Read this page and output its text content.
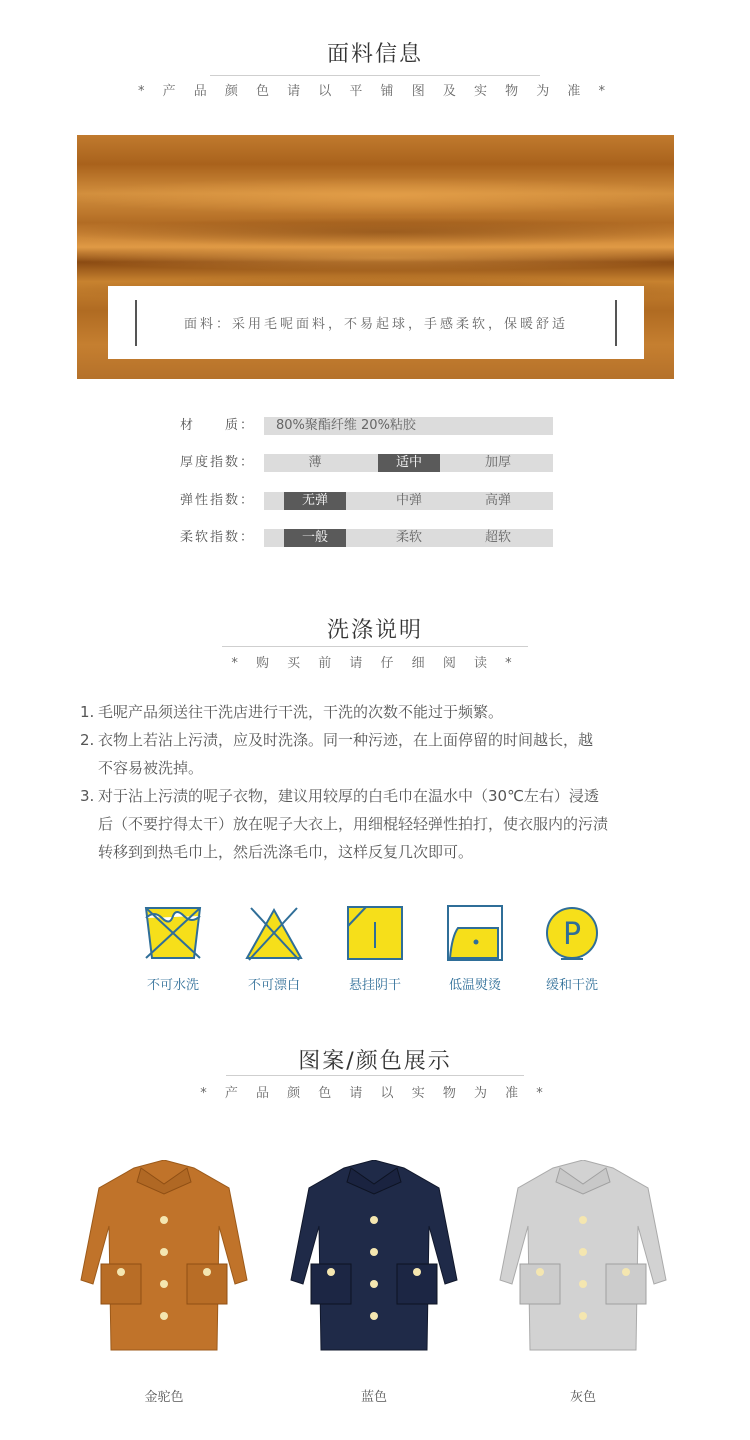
面料信息
* 产 品 颜 色 请 以 平 铺 图 及 实 物 为 准 *
面料：采用毛呢面料，不易起球，手感柔软，保暖舒适
材　　质： 80%聚酯纤维 20%粘胶
厚度指数：	薄	适中	加厚
弹性指数：	无弹	中弹	高弹
柔软指数：	一般	柔软	超软
洗涤说明
* 购 买 前 请 仔 细 阅 读 *
1. 毛呢产品须送往干洗店进行干洗，干洗的次数不能过于频繁。
2. 衣物上若沾上污渍，应及时洗涤。同一种污迹，在上面停留的时间越长，越
不容易被洗掉。
3. 对于沾上污渍的呢子衣物，建议用较厚的白毛巾在温水中（30℃左右）浸透
后（不要拧得太干）放在呢子大衣上，用细棍轻轻弹性拍打，使衣服内的污渍
转移到到热毛巾上，然后洗涤毛巾，这样反复几次即可。
不可水洗	不可漂白	悬挂阴干	低温熨烫
P
缓和干洗
图案/颜色展示
* 产 品 颜 色 请 以 实 物 为 准 *
金驼色	蓝色	灰色
